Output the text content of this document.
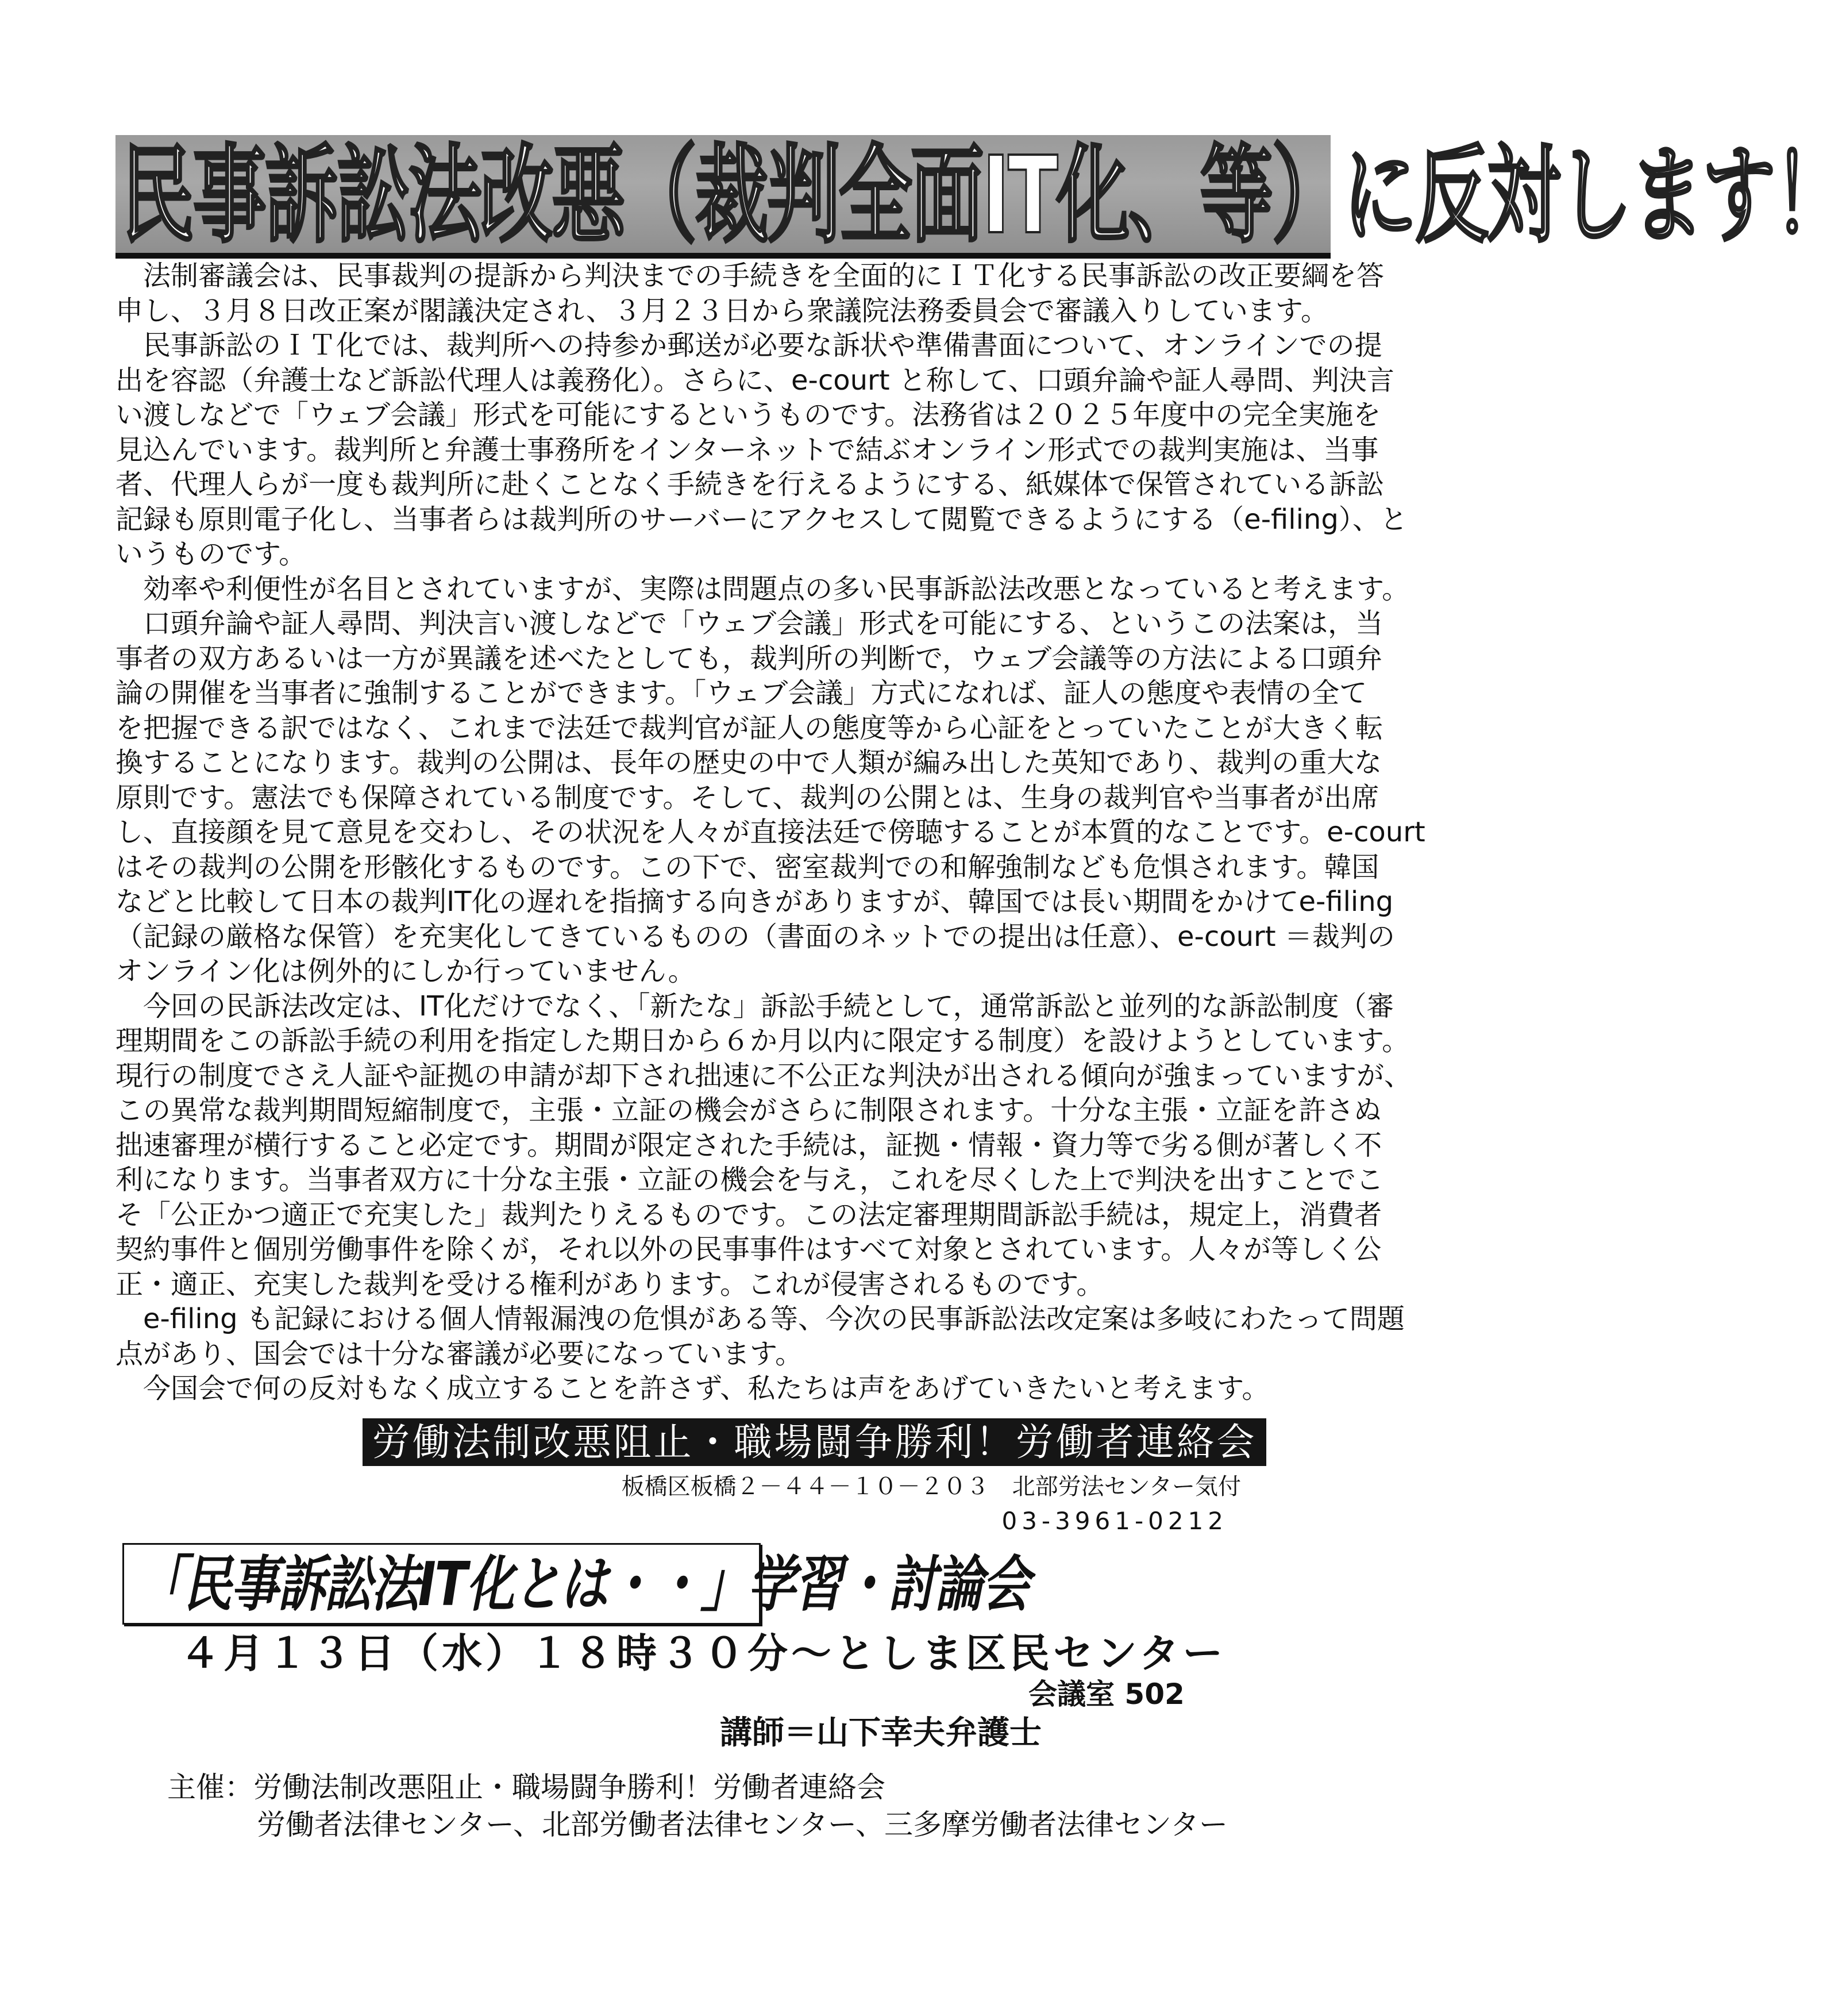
民事訴訟法改悪（裁判全面IT化、等）に反対します！
法制審議会は、民事裁判の提訴から判決までの手続きを全面的にＩＴ化する民事訴訟の改正要綱を答
申し、３月８日改正案が閣議決定され、３月２３日から衆議院法務委員会で審議入りしています。
民事訴訟のＩＴ化では、裁判所への持参か郵送が必要な訴状や準備書面について、オンラインでの提
出を容認（弁護士など訴訟代理人は義務化）。さらに、e-court と称して、口頭弁論や証人尋問、判決言
い渡しなどで「ウェブ会議」形式を可能にするというものです。法務省は２０２５年度中の完全実施を
見込んでいます。裁判所と弁護士事務所をインターネットで結ぶオンライン形式での裁判実施は、当事
者、代理人らが一度も裁判所に赴くことなく手続きを行えるようにする、紙媒体で保管されている訴訟
記録も原則電子化し、当事者らは裁判所のサーバーにアクセスして閲覧できるようにする（e-filing）、と
いうものです。
効率や利便性が名目とされていますが、実際は問題点の多い民事訴訟法改悪となっていると考えます。
口頭弁論や証人尋問、判決言い渡しなどで「ウェブ会議」形式を可能にする、というこの法案は，当
事者の双方あるいは一方が異議を述べたとしても，裁判所の判断で，ウェブ会議等の方法による口頭弁
論の開催を当事者に強制することができます。「ウェブ会議」方式になれば、証人の態度や表情の全て
を把握できる訳ではなく、これまで法廷で裁判官が証人の態度等から心証をとっていたことが大きく転
換することになります。裁判の公開は、長年の歴史の中で人類が編み出した英知であり、裁判の重大な
原則です。憲法でも保障されている制度です。そして、裁判の公開とは、生身の裁判官や当事者が出席
し、直接顔を見て意見を交わし、その状況を人々が直接法廷で傍聴することが本質的なことです。e-court
はその裁判の公開を形骸化するものです。この下で、密室裁判での和解強制なども危惧されます。韓国
などと比較して日本の裁判IT化の遅れを指摘する向きがありますが、韓国では長い期間をかけてe-filing
（記録の厳格な保管）を充実化してきているものの（書面のネットでの提出は任意）、e-court ＝裁判の
オンライン化は例外的にしか行っていません。
今回の民訴法改定は、IT化だけでなく、「新たな」訴訟手続として，通常訴訟と並列的な訴訟制度（審
理期間をこの訴訟手続の利用を指定した期日から６か月以内に限定する制度）を設けようとしています。
現行の制度でさえ人証や証拠の申請が却下され拙速に不公正な判決が出される傾向が強まっていますが、
この異常な裁判期間短縮制度で，主張・立証の機会がさらに制限されます。十分な主張・立証を許さぬ
拙速審理が横行すること必定です。期間が限定された手続は，証拠・情報・資力等で劣る側が著しく不
利になります。当事者双方に十分な主張・立証の機会を与え，これを尽くした上で判決を出すことでこ
そ「公正かつ適正で充実した」裁判たりえるものです。この法定審理期間訴訟手続は，規定上，消費者
契約事件と個別労働事件を除くが，それ以外の民事事件はすべて対象とされています。人々が等しく公
正・適正、充実した裁判を受ける権利があります。これが侵害されるものです。
e-filing も記録における個人情報漏洩の危惧がある等、今次の民事訴訟法改定案は多岐にわたって問題
点があり、国会では十分な審議が必要になっています。
今国会で何の反対もなく成立することを許さず、私たちは声をあげていきたいと考えます。
労働法制改悪阻止・職場闘争勝利！労働者連絡会
板橋区板橋２－４４－１０－２０３　北部労法センター気付
03-3961-0212
「民事訴訟法IT化とは・・」学習・討論会
４月１３日（水）１８時３０分～としま区民センター
会議室 502
講師＝山下幸夫弁護士
主催：労働法制改悪阻止・職場闘争勝利！労働者連絡会
労働者法律センター、北部労働者法律センター、三多摩労働者法律センター
